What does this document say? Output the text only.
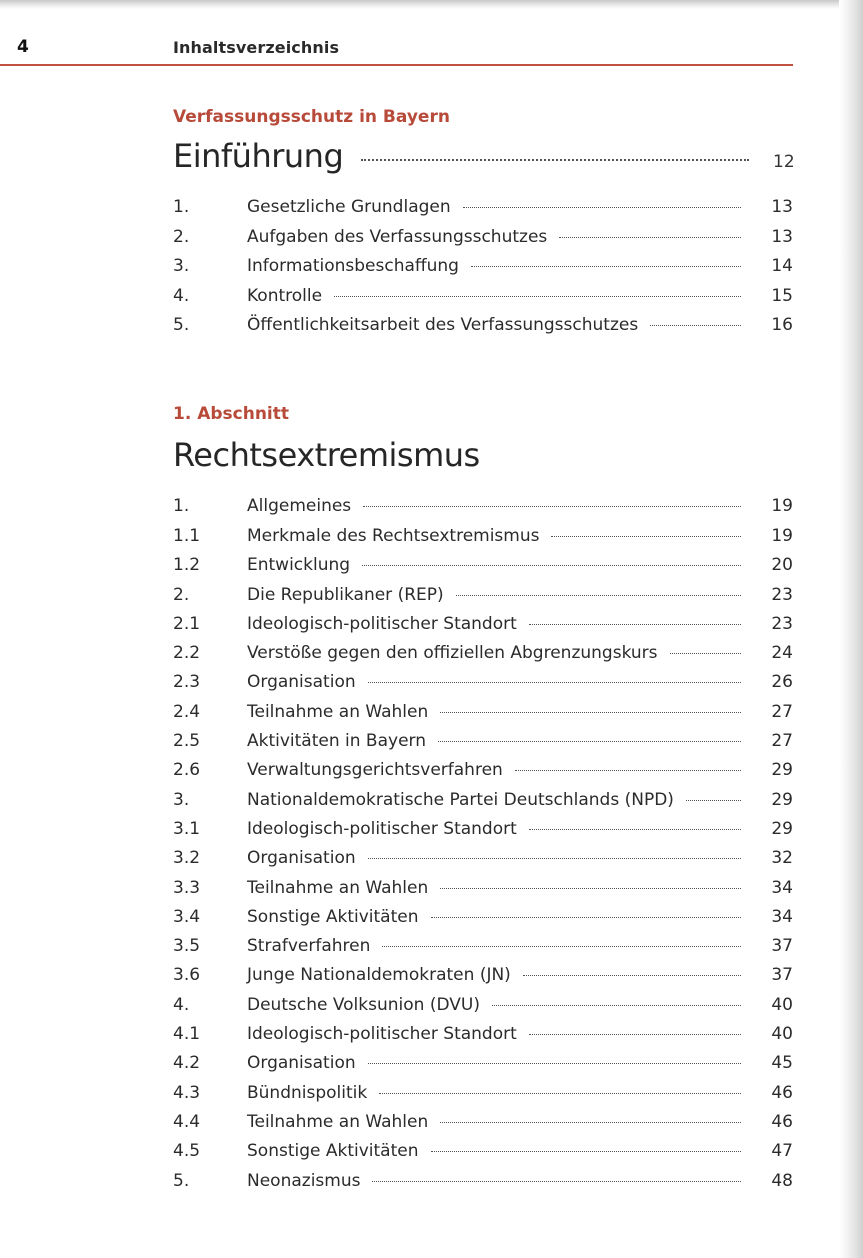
4	Inhaltsverzeichnis
Verfassungsschutz in Bayern
Einführung	12
1.	Gesetzliche Grundlagen	13
2.	Aufgaben des Verfassungsschutzes	13
3.	Informationsbeschaffung	14
4.	Kontrolle	15
5.	Öffentlichkeitsarbeit des Verfassungsschutzes	16
1. Abschnitt
Rechtsextremismus
1.	Allgemeines	19
1.1	Merkmale des Rechtsextremismus	19
1.2	Entwicklung	20
2.	Die Republikaner (REP)	23
2.1	Ideologisch-politischer Standort	23
2.2	Verstöße gegen den offiziellen Abgrenzungskurs	24
2.3	Organisation	26
2.4	Teilnahme an Wahlen	27
2.5	Aktivitäten in Bayern	27
2.6	Verwaltungsgerichtsverfahren	29
3.	Nationaldemokratische Partei Deutschlands (NPD)	29
3.1	Ideologisch-politischer Standort	29
3.2	Organisation	32
3.3	Teilnahme an Wahlen	34
3.4	Sonstige Aktivitäten	34
3.5	Strafverfahren	37
3.6	Junge Nationaldemokraten (JN)	37
4.	Deutsche Volksunion (DVU)	40
4.1	Ideologisch-politischer Standort	40
4.2	Organisation	45
4.3	Bündnispolitik	46
4.4	Teilnahme an Wahlen	46
4.5	Sonstige Aktivitäten	47
5.	Neonazismus	48
